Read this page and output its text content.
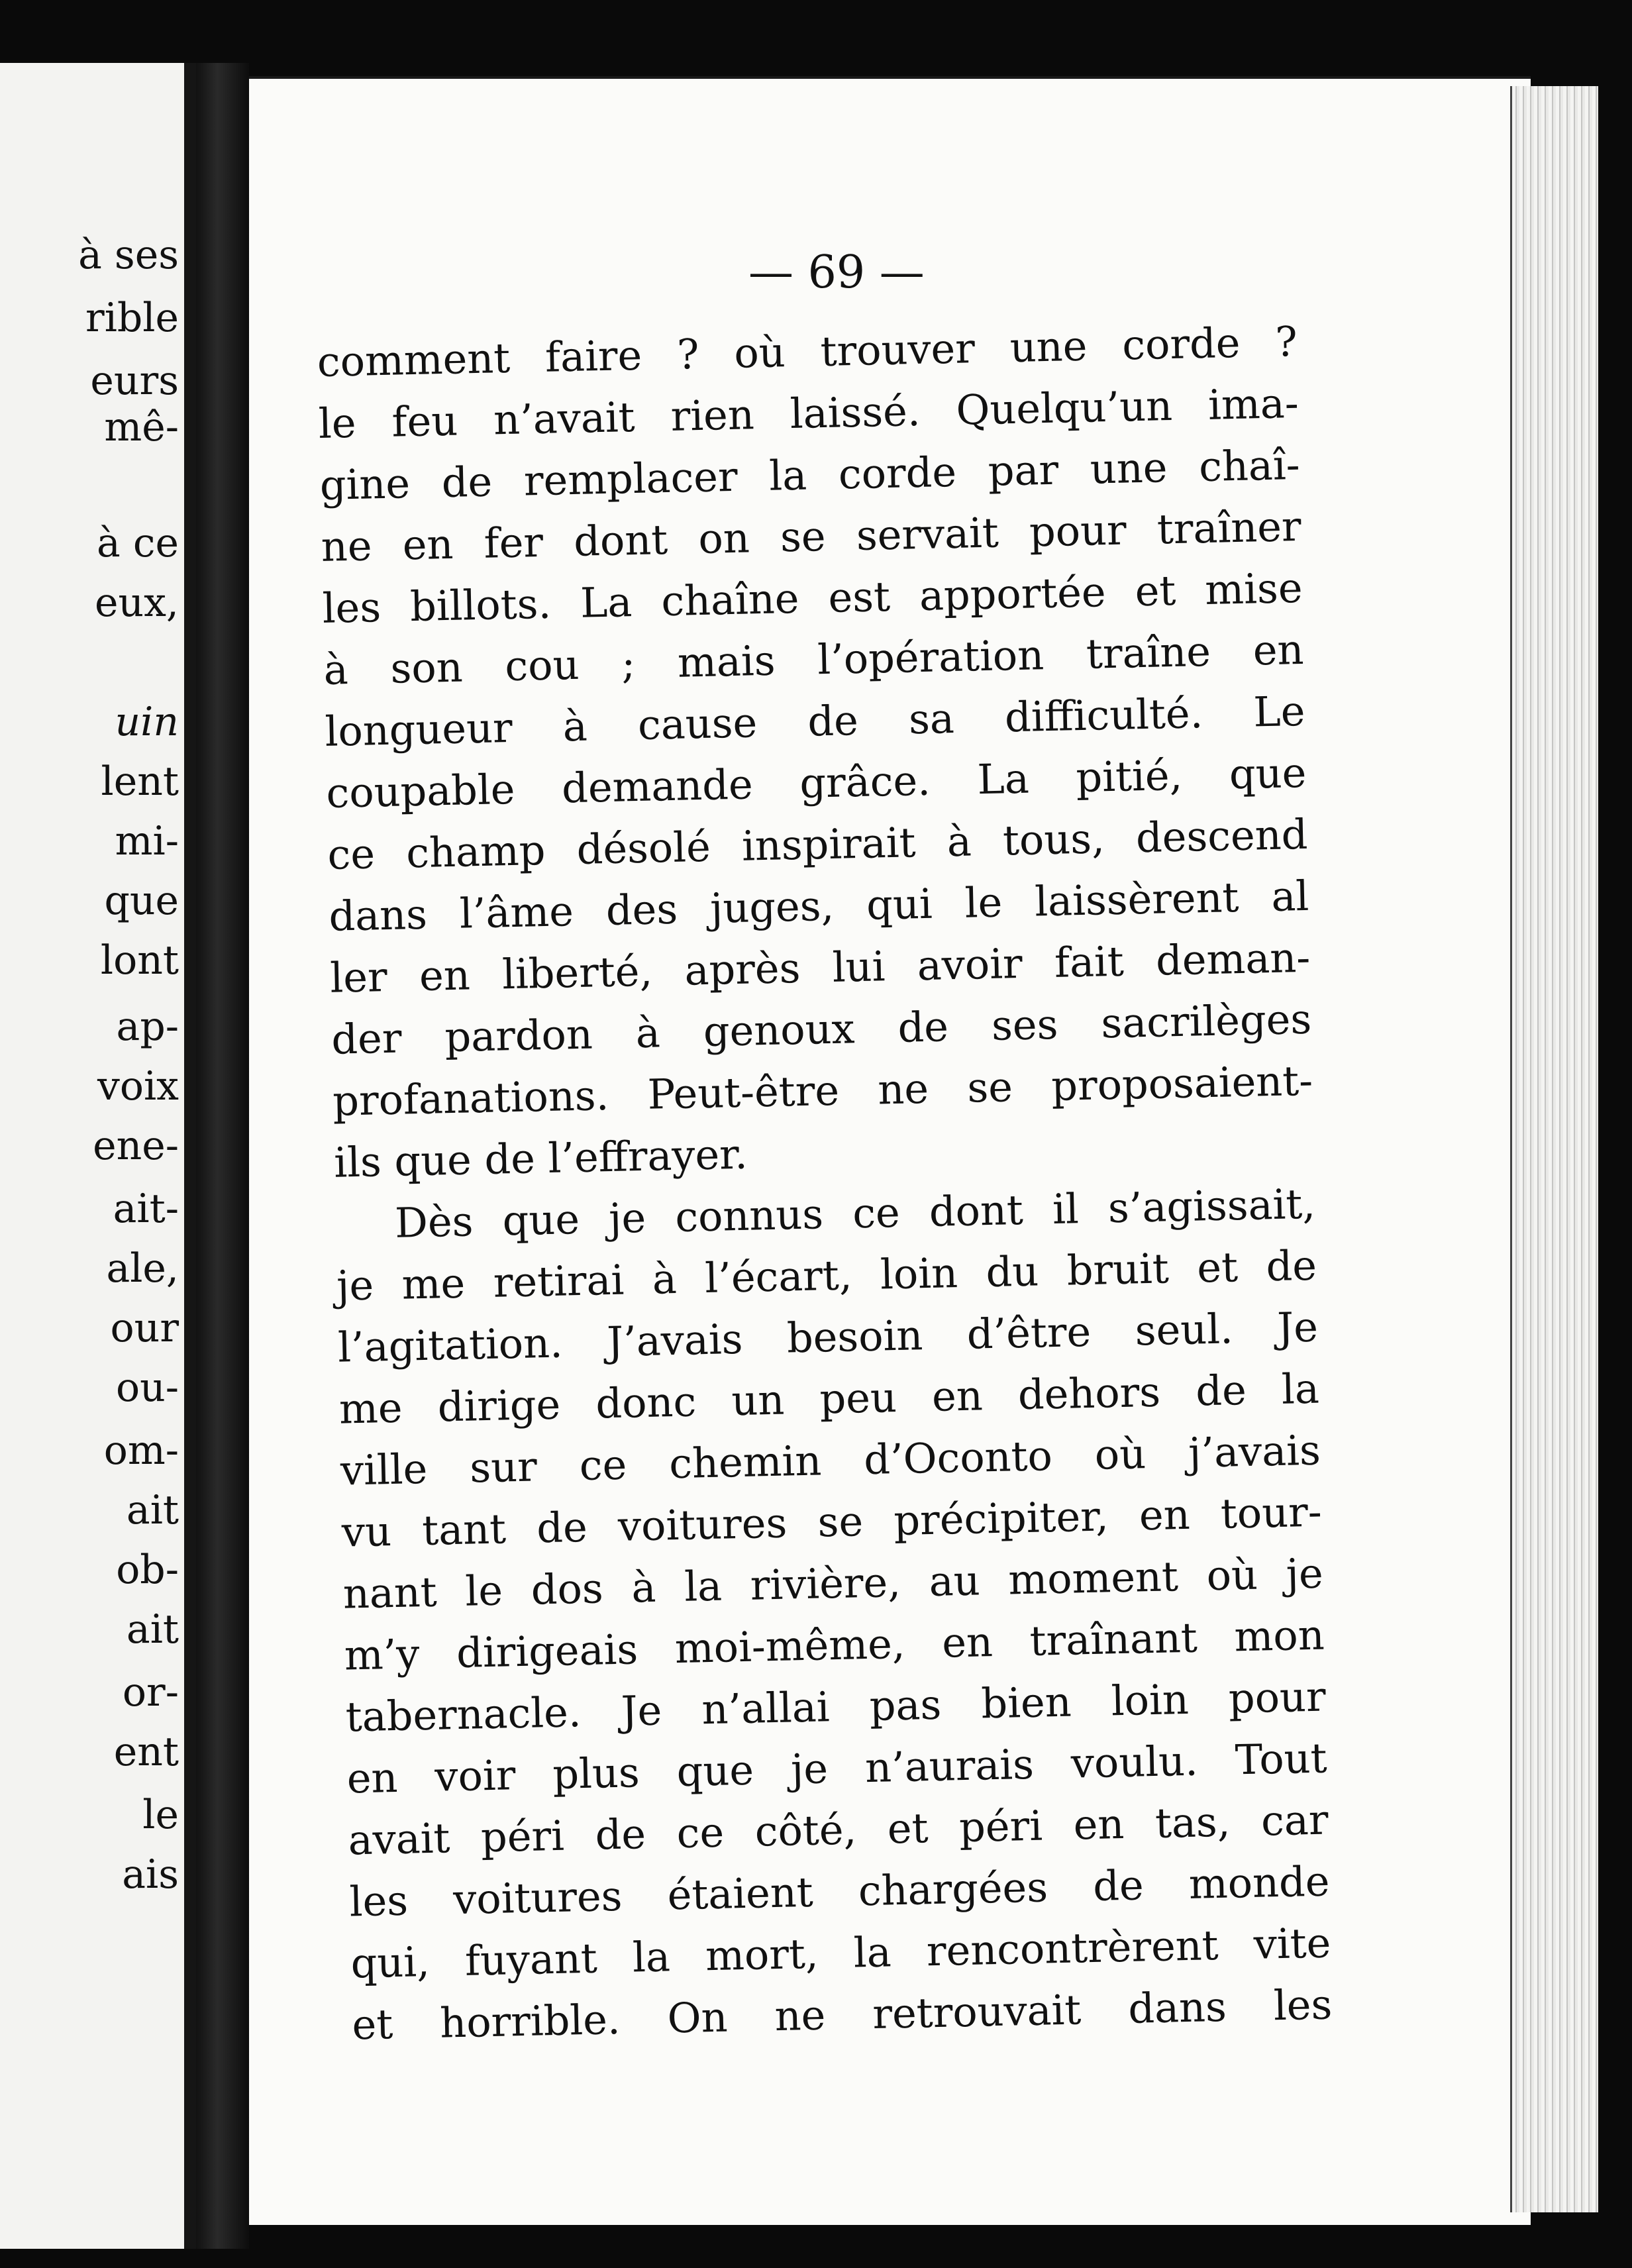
à ses
rible
eurs
mê-
à ce
eux,
uin
lent
mi-
que
lont
ap-
voix
ene-
ait-
ale,
our
ou-
om-
ait
ob-
ait
or-
ent
le
ais
— 69 —
comment faire ? où trouver une corde ?
le feu n’avait rien laissé. Quelqu’un ima-
gine de remplacer la corde par une chaî-
ne en fer dont on se servait pour traîner
les billots. La chaîne est apportée et mise
à son cou ; mais l’opération traîne en
longueur à cause de sa difficulté. Le
coupable demande grâce. La pitié, que
ce champ désolé inspirait à tous, descend
dans l’âme des juges, qui le laissèrent al
ler en liberté, après lui avoir fait deman-
der pardon à genoux de ses sacrilèges
profanations. Peut-être ne se proposaient-
ils que de l’effrayer.
Dès que je connus ce dont il s’agissait,
je me retirai à l’écart, loin du bruit et de
l’agitation. J’avais besoin d’être seul. Je
me dirige donc un peu en dehors de la
ville sur ce chemin d’Oconto où j’avais
vu tant de voitures se précipiter, en tour-
nant le dos à la rivière, au moment où je
m’y dirigeais moi-même, en traînant mon
tabernacle. Je n’allai pas bien loin pour
en voir plus que je n’aurais voulu. Tout
avait péri de ce côté, et péri en tas, car
les voitures étaient chargées de monde
qui, fuyant la mort, la rencontrèrent vite
et horrible. On ne retrouvait dans les
